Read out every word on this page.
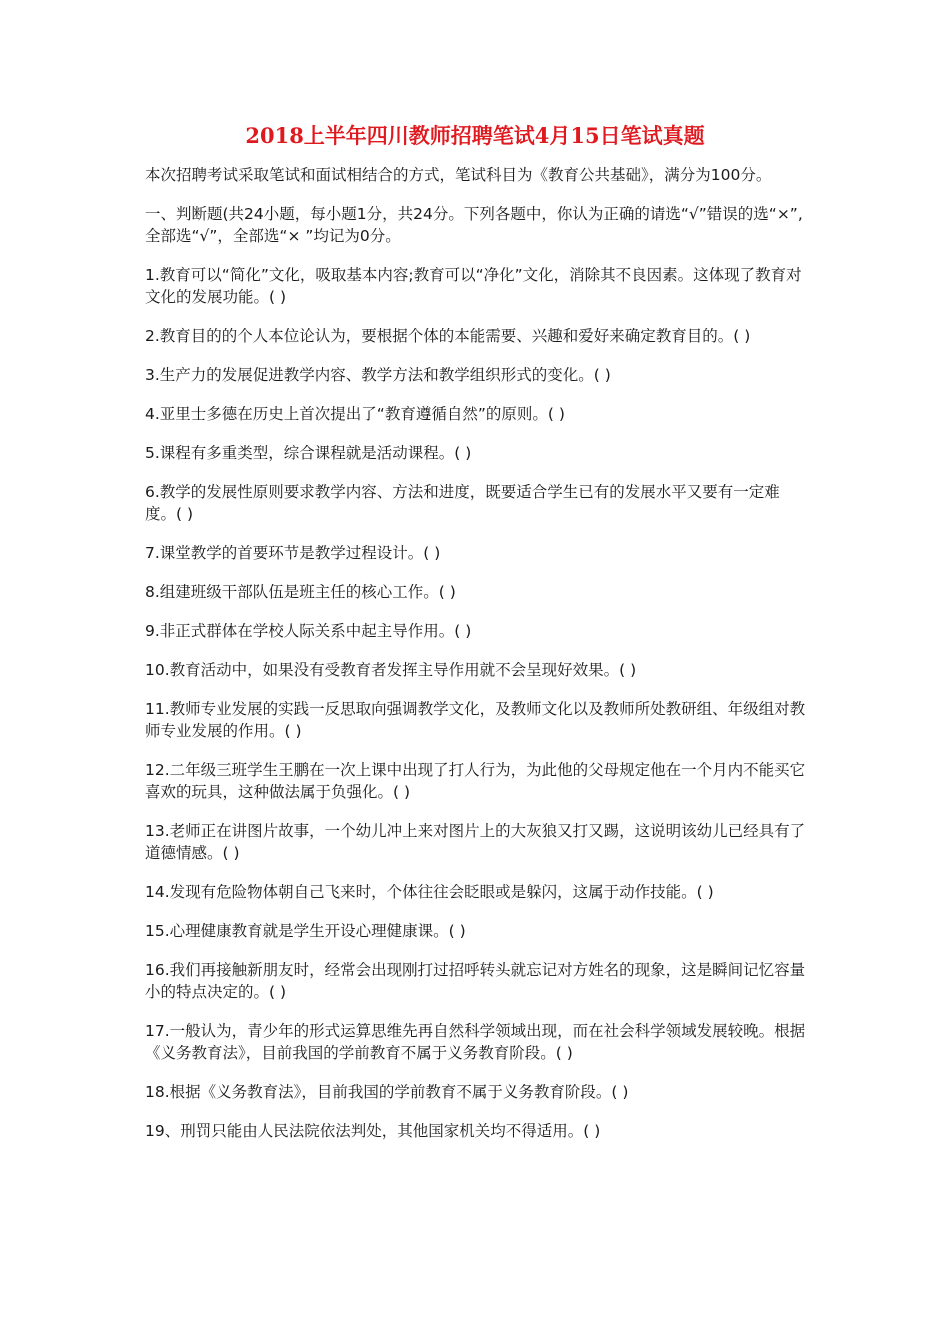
2018上半年四川教师招聘笔试4月15日笔试真题

本次招聘考试采取笔试和面试相结合的方式，笔试科目为《教育公共基础》，满分为100分。

一、判断题(共24小题，每小题1分，共24分。下列各题中，你认为正确的请选“√”错误的选“×”,全部选“√”，全部选“× ”均记为0分。

1.教育可以“简化”文化，吸取基本内容;教育可以“净化”文化，消除其不良因素。这体现了教育对文化的发展功能。( )

2.教育目的的个人本位论认为，要根据个体的本能需要、兴趣和爱好来确定教育目的。( )

3.生产力的发展促进教学内容、教学方法和教学组织形式的变化。( )

4.亚里士多德在历史上首次提出了“教育遵循自然”的原则。( )

5.课程有多重类型，综合课程就是活动课程。( )

6.教学的发展性原则要求教学内容、方法和进度，既要适合学生已有的发展水平又要有一定难度。( )

7.课堂教学的首要环节是教学过程设计。( )

8.组建班级干部队伍是班主任的核心工作。( )

9.非正式群体在学校人际关系中起主导作用。( )

10.教育活动中，如果没有受教育者发挥主导作用就不会呈现好效果。( )

11.教师专业发展的实践一反思取向强调教学文化，及教师文化以及教师所处教研组、年级组对教师专业发展的作用。( )

12.二年级三班学生王鹏在一次上课中出现了打人行为，为此他的父母规定他在一个月内不能买它喜欢的玩具，这种做法属于负强化。( )

13.老师正在讲图片故事，一个幼儿冲上来对图片上的大灰狼又打又踢，这说明该幼儿已经具有了道德情感。( )

14.发现有危险物体朝自己飞来时，个体往往会眨眼或是躲闪，这属于动作技能。( )

15.心理健康教育就是学生开设心理健康课。( )

16.我们再接触新朋友时，经常会出现刚打过招呼转头就忘记对方姓名的现象，这是瞬间记忆容量小的特点决定的。( )

17.一般认为，青少年的形式运算思维先再自然科学领域出现，而在社会科学领域发展较晚。根据《义务教育法》，目前我国的学前教育不属于义务教育阶段。( )

18.根据《义务教育法》，目前我国的学前教育不属于义务教育阶段。( )

19、刑罚只能由人民法院依法判处，其他国家机关均不得适用。( )
